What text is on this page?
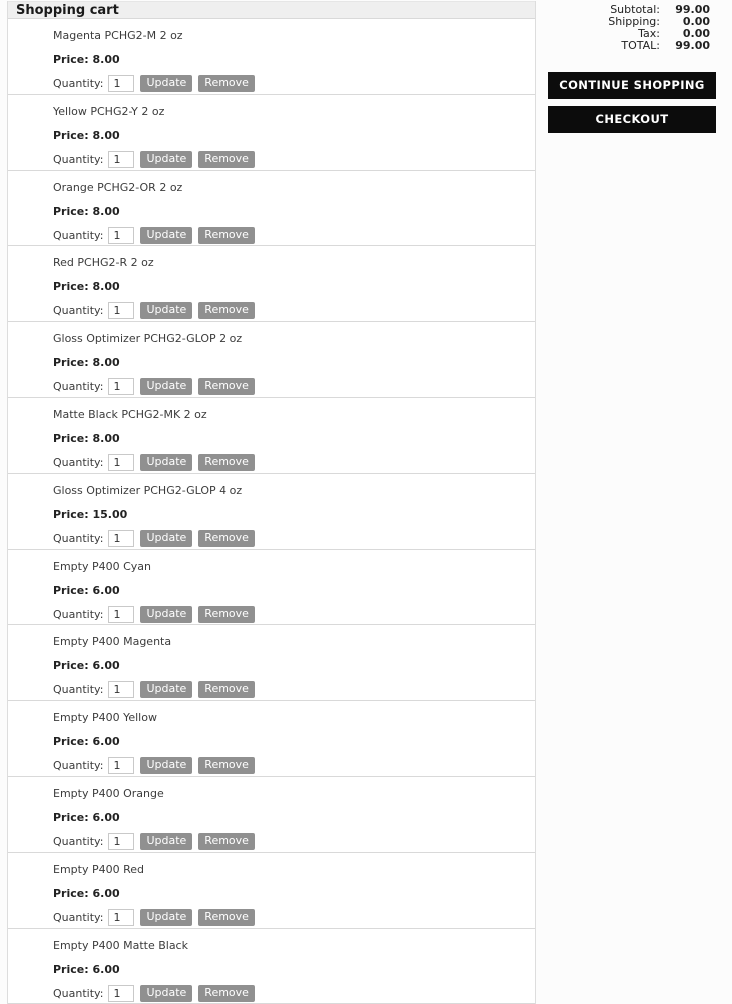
Shopping cart
Magenta PCHG2-M 2 oz
Price: 8.00
Quantity:
1	Update	Remove
Yellow PCHG2-Y 2 oz
Price: 8.00
Quantity:
1	Update	Remove
Orange PCHG2-OR 2 oz
Price: 8.00
Quantity:
1	Update	Remove
Red PCHG2-R 2 oz
Price: 8.00
Quantity:
1	Update	Remove
Gloss Optimizer PCHG2-GLOP 2 oz
Price: 8.00
Quantity:
1	Update	Remove
Matte Black PCHG2-MK 2 oz
Price: 8.00
Quantity:
1	Update	Remove
Gloss Optimizer PCHG2-GLOP 4 oz
Price: 15.00
Quantity:
1	Update	Remove
Empty P400 Cyan
Price: 6.00
Quantity:
1	Update	Remove
Empty P400 Magenta
Price: 6.00
Quantity:
1	Update	Remove
Empty P400 Yellow
Price: 6.00
Quantity:
1	Update	Remove
Empty P400 Orange
Price: 6.00
Quantity:
1	Update	Remove
Empty P400 Red
Price: 6.00
Quantity:
1	Update	Remove
Empty P400 Matte Black
Price: 6.00
Quantity:
1	Update	Remove
Subtotal:	99.00
Shipping:	0.00
Tax:	0.00
TOTAL:	99.00
CONTINUE SHOPPING
CHECKOUT
